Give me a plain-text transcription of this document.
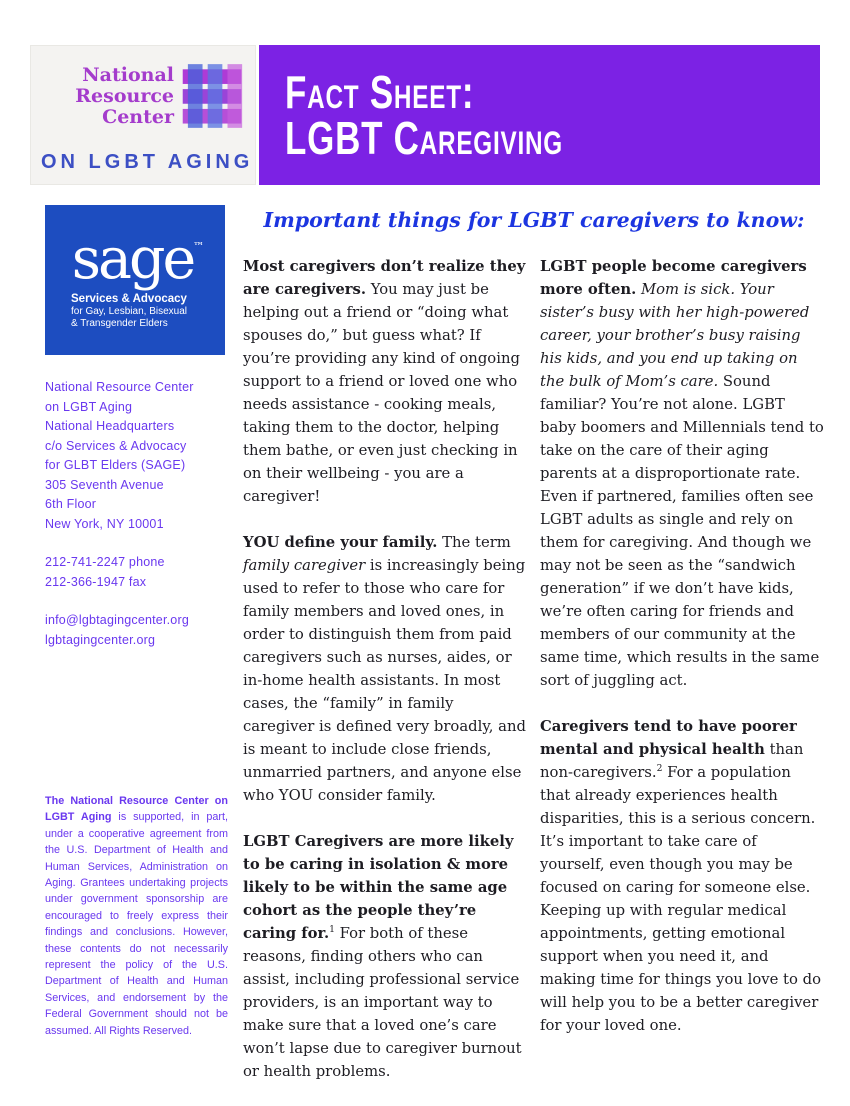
National
Resource
Center
ON LGBT AGING
Fact Sheet:
LGBT Caregiving
sage™
Services & Advocacy
for Gay, Lesbian, Bisexual
& Transgender Elders
National Resource Center
on LGBT Aging
National Headquarters
c/o Services & Advocacy
for GLBT Elders (SAGE)
305 Seventh Avenue
6th Floor
New York, NY 10001
212-741-2247 phone
212-366-1947 fax
info@lgbtagingcenter.org
lgbtagingcenter.org

The National Resource Center on LGBT Aging is supported, in part, under a cooperative agreement from the U.S. Department of Health and Human Services, Administration on Aging. Grantees undertaking projects under government sponsorship are encouraged to freely express their findings and conclusions. However, these contents do not necessarily represent the policy of the U.S. Department of Health and Human Services, and endorsement by the Federal Government should not be assumed. All Rights Reserved.

Important things for LGBT caregivers to know:

Most caregivers don’t realize they are caregivers. You may just be helping out a friend or “doing what spouses do,” but guess what? If you’re providing any kind of ongoing support to a friend or loved one who needs assistance - cooking meals, taking them to the doctor, helping them bathe, or even just checking in on their wellbeing - you are a caregiver!

YOU define your family. The term family caregiver is increasingly being used to refer to those who care for family members and loved ones, in order to distinguish them from paid caregivers such as nurses, aides, or in-home health assistants. In most cases, the “family” in family caregiver is defined very broadly, and is meant to include close friends, unmarried partners, and anyone else who YOU consider family.

LGBT Caregivers are more likely to be caring in isolation & more likely to be within the same age cohort as the people they’re caring for.$^1$ For both of these reasons, finding others who can assist, including professional service providers, is an important way to make sure that a loved one’s care won’t lapse due to caregiver burnout or health problems.

LGBT people become caregivers more often. Mom is sick. Your sister’s busy with her high-powered career, your brother’s busy raising his kids, and you end up taking on the bulk of Mom’s care. Sound familiar? You’re not alone. LGBT baby boomers and Millennials tend to take on the care of their aging parents at a disproportionate rate. Even if partnered, families often see LGBT adults as single and rely on them for caregiving. And though we may not be seen as the “sandwich generation” if we don’t have kids, we’re often caring for friends and members of our community at the same time, which results in the same sort of juggling act.

Caregivers tend to have poorer mental and physical health than non-caregivers.$^2$ For a population that already experiences health disparities, this is a serious concern. It’s important to take care of yourself, even though you may be focused on caring for someone else. Keeping up with regular medical appointments, getting emotional support when you need it, and making time for things you love to do will help you to be a better caregiver for your loved one.
